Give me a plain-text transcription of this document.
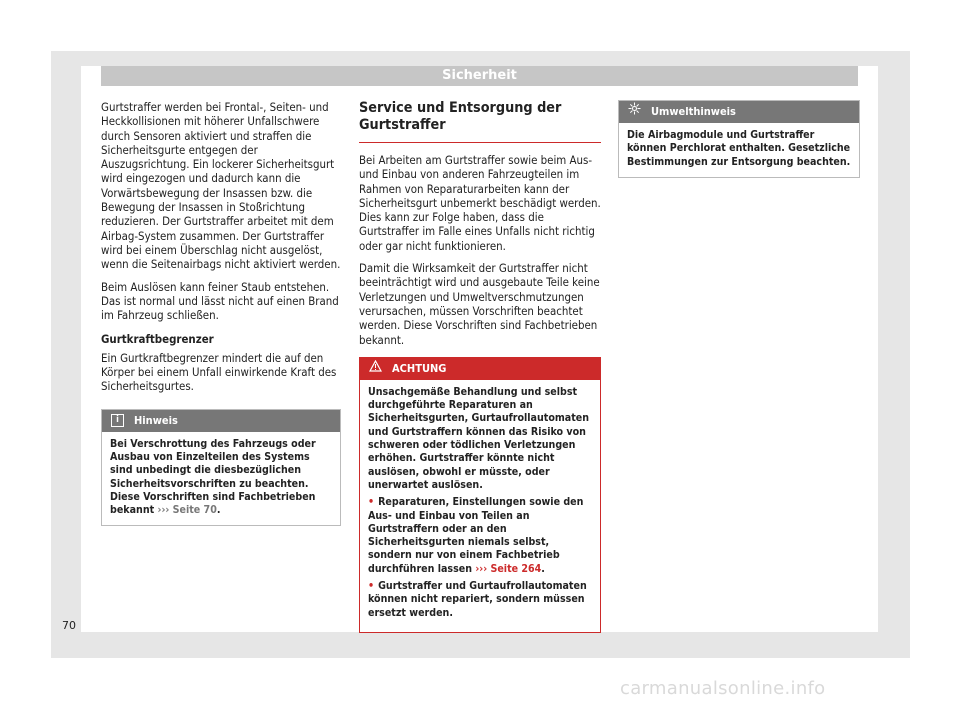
Sicherheit

Gurtstraffer werden bei Frontal-, Seiten- und Heckkollisionen mit höherer Unfallschwere durch Sensoren aktiviert und straffen die Sicherheitsgurte entgegen der Auszugsrichtung. Ein lockerer Sicherheitsgurt wird eingezogen und dadurch kann die Vorwärtsbewegung der Insassen bzw. die Bewegung der Insassen in Stoßrichtung reduzieren. Der Gurtstraffer arbeitet mit dem Airbag-System zusammen. Der Gurtstraffer wird bei einem Überschlag nicht ausgelöst, wenn die Seitenairbags nicht aktiviert werden.

Beim Auslösen kann feiner Staub entstehen. Das ist normal und lässt nicht auf einen Brand im Fahrzeug schließen.

Gurtkraftbegrenzer

Ein Gurtkraftbegrenzer mindert die auf den Körper bei einem Unfall einwirkende Kraft des Sicherheitsgurtes.

i	Hinweis
Bei Verschrottung des Fahrzeugs oder Ausbau von Einzelteilen des Systems sind unbedingt die diesbezüglichen Sicherheitsvorschriften zu beachten. Diese Vorschriften sind Fachbetrieben bekannt ››› Seite 70.
Service und Entsorgung der Gurtstraffer

Bei Arbeiten am Gurtstraffer sowie beim Aus- und Einbau von anderen Fahrzeugteilen im Rahmen von Reparaturarbeiten kann der Sicherheitsgurt unbemerkt beschädigt werden. Dies kann zur Folge haben, dass die Gurtstraffer im Falle eines Unfalls nicht richtig oder gar nicht funktionieren.

Damit die Wirksamkeit der Gurtstraffer nicht beeinträchtigt wird und ausgebaute Teile keine Verletzungen und Umweltverschmutzungen verursachen, müssen Vorschriften beachtet werden. Diese Vorschriften sind Fachbetrieben bekannt.

ACHTUNG

Unsachgemäße Behandlung und selbst durchgeführte Reparaturen an Sicherheitsgurten, Gurtaufrollautomaten und Gurtstraffern können das Risiko von schweren oder tödlichen Verletzungen erhöhen. Gurtstraffer könnte nicht auslösen, obwohl er müsste, oder unerwartet auslösen.

• Reparaturen, Einstellungen sowie den Aus- und Einbau von Teilen an Gurtstraffern oder an den Sicherheitsgurten niemals selbst, sondern nur von einem Fachbetrieb durchführen lassen ››› Seite 264.

• Gurtstraffer und Gurtaufrollautomaten können nicht repariert, sondern müssen ersetzt werden.

Umwelthinweis
Die Airbagmodule und Gurtstraffer können Perchlorat enthalten. Gesetzliche Bestimmungen zur Entsorgung beachten.
70
carmanualsonline.info
